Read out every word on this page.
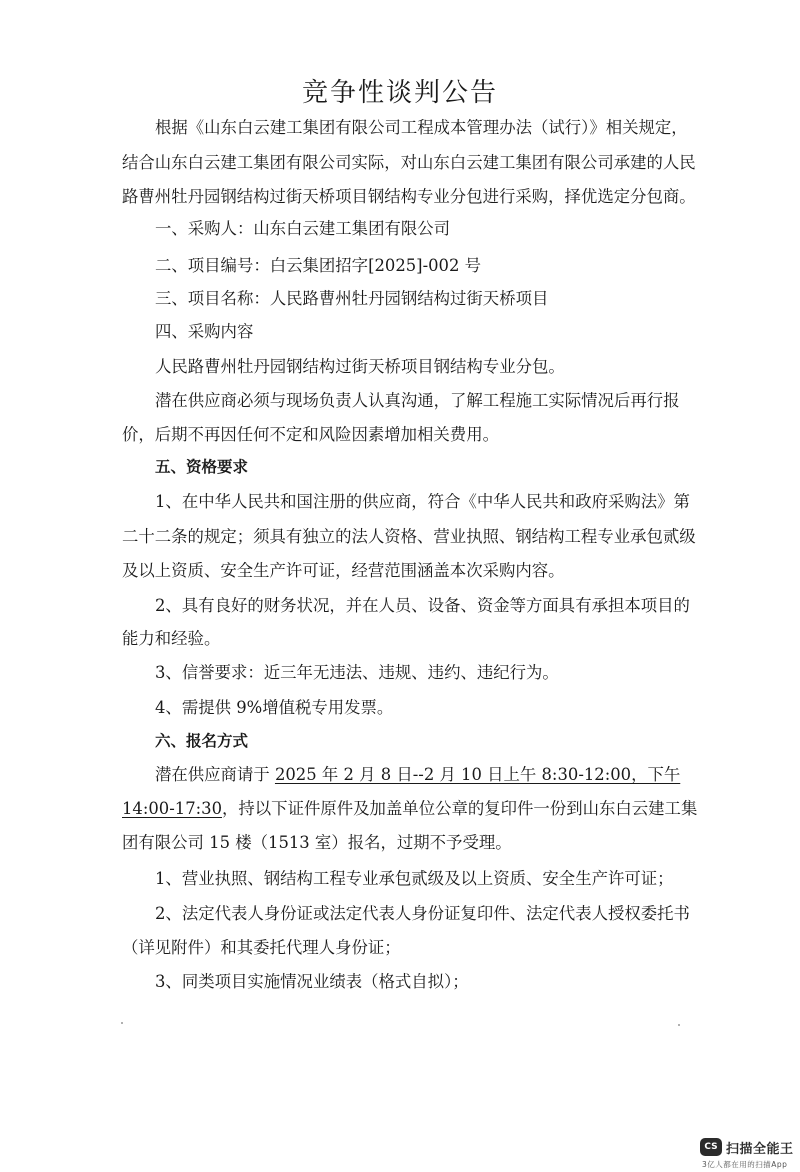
竞争性谈判公告
根据《山东白云建工集团有限公司工程成本管理办法（试行）》相关规定，
结合山东白云建工集团有限公司实际，对山东白云建工集团有限公司承建的人民
路曹州牡丹园钢结构过街天桥项目钢结构专业分包进行采购，择优选定分包商。
一、采购人：山东白云建工集团有限公司
二、项目编号：白云集团招字[2025]-002 号
三、项目名称：人民路曹州牡丹园钢结构过街天桥项目
四、采购内容
人民路曹州牡丹园钢结构过街天桥项目钢结构专业分包。
潜在供应商必须与现场负责人认真沟通，了解工程施工实际情况后再行报
价，后期不再因任何不定和风险因素增加相关费用。
五、资格要求
1、在中华人民共和国注册的供应商，符合《中华人民共和政府采购法》第
二十二条的规定；须具有独立的法人资格、营业执照、钢结构工程专业承包贰级
及以上资质、安全生产许可证，经营范围涵盖本次采购内容。
2、具有良好的财务状况，并在人员、设备、资金等方面具有承担本项目的
能力和经验。
3、信誉要求：近三年无违法、违规、违约、违纪行为。
4、需提供 9%增值税专用发票。
六、报名方式
潜在供应商请于 2025 年 2 月 8 日--2 月 10 日上午 8:30-12:00，下午
14:00-17:30，持以下证件原件及加盖单位公章的复印件一份到山东白云建工集
团有限公司 15 楼（1513 室）报名，过期不予受理。
1、营业执照、钢结构工程专业承包贰级及以上资质、安全生产许可证；
2、法定代表人身份证或法定代表人身份证复印件、法定代表人授权委托书
（详见附件）和其委托代理人身份证；
3、同类项目实施情况业绩表（格式自拟）；
CS 扫描全能王
3亿人都在用的扫描App
